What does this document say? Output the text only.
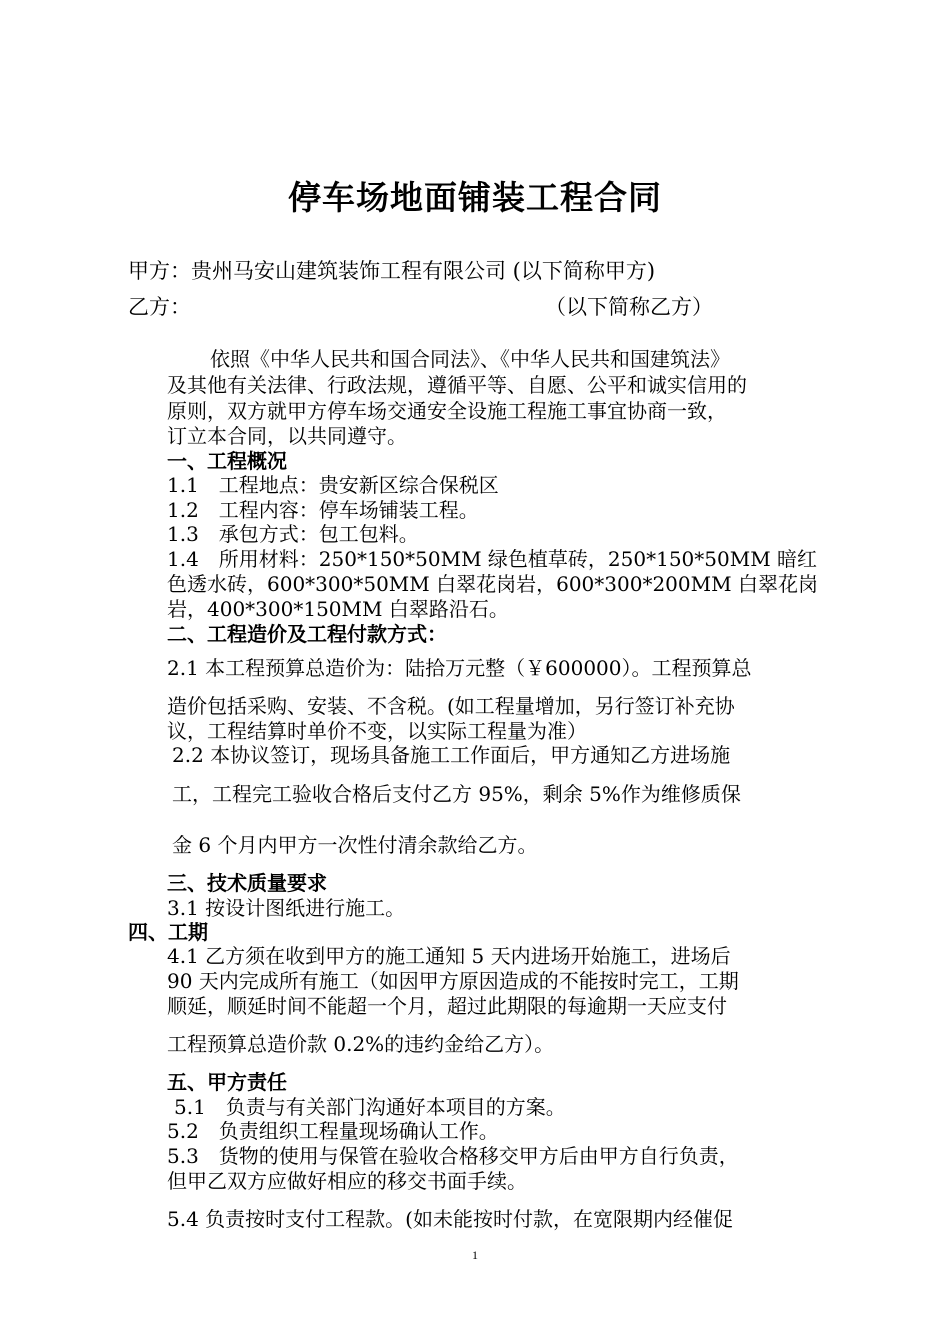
停车场地面铺装工程合同
甲方：贵州马安山建筑装饰工程有限公司 (以下简称甲方)
乙方：	（以下简称乙方）
依照《中华人民共和国合同法》、《中华人民共和国建筑法》
及其他有关法律、行政法规，遵循平等、自愿、公平和诚实信用的
原则，双方就甲方停车场交通安全设施工程施工事宜协商一致，
订立本合同，以共同遵守。
一、工程概况
1.1　工程地点：贵安新区综合保税区
1.2　工程内容：停车场铺装工程。
1.3　承包方式：包工包料。
1.4　所用材料：250*150*50MM 绿色植草砖，250*150*50MM 暗红
色透水砖，600*300*50MM 白翠花岗岩，600*300*200MM 白翠花岗
岩，400*300*150MM 白翠路沿石。
二、工程造价及工程付款方式：
2.1 本工程预算总造价为：陆拾万元整（￥600000）。工程预算总
造价包括采购、安装、不含税。(如工程量增加，另行签订补充协
议，工程结算时单价不变，以实际工程量为准）
2.2 本协议签订，现场具备施工工作面后，甲方通知乙方进场施
工，工程完工验收合格后支付乙方 95%，剩余 5%作为维修质保
金 6 个月内甲方一次性付清余款给乙方。
三、技术质量要求
3.1 按设计图纸进行施工。
四、工期
4.1 乙方须在收到甲方的施工通知 5 天内进场开始施工，进场后
90 天内完成所有施工（如因甲方原因造成的不能按时完工，工期
顺延，顺延时间不能超一个月，超过此期限的每逾期一天应支付
工程预算总造价款 0.2%的违约金给乙方）。
五、甲方责任
5.1　负责与有关部门沟通好本项目的方案。
5.2　负责组织工程量现场确认工作。
5.3　货物的使用与保管在验收合格移交甲方后由甲方自行负责，
但甲乙双方应做好相应的移交书面手续。
5.4 负责按时支付工程款。(如未能按时付款，在宽限期内经催促
1
